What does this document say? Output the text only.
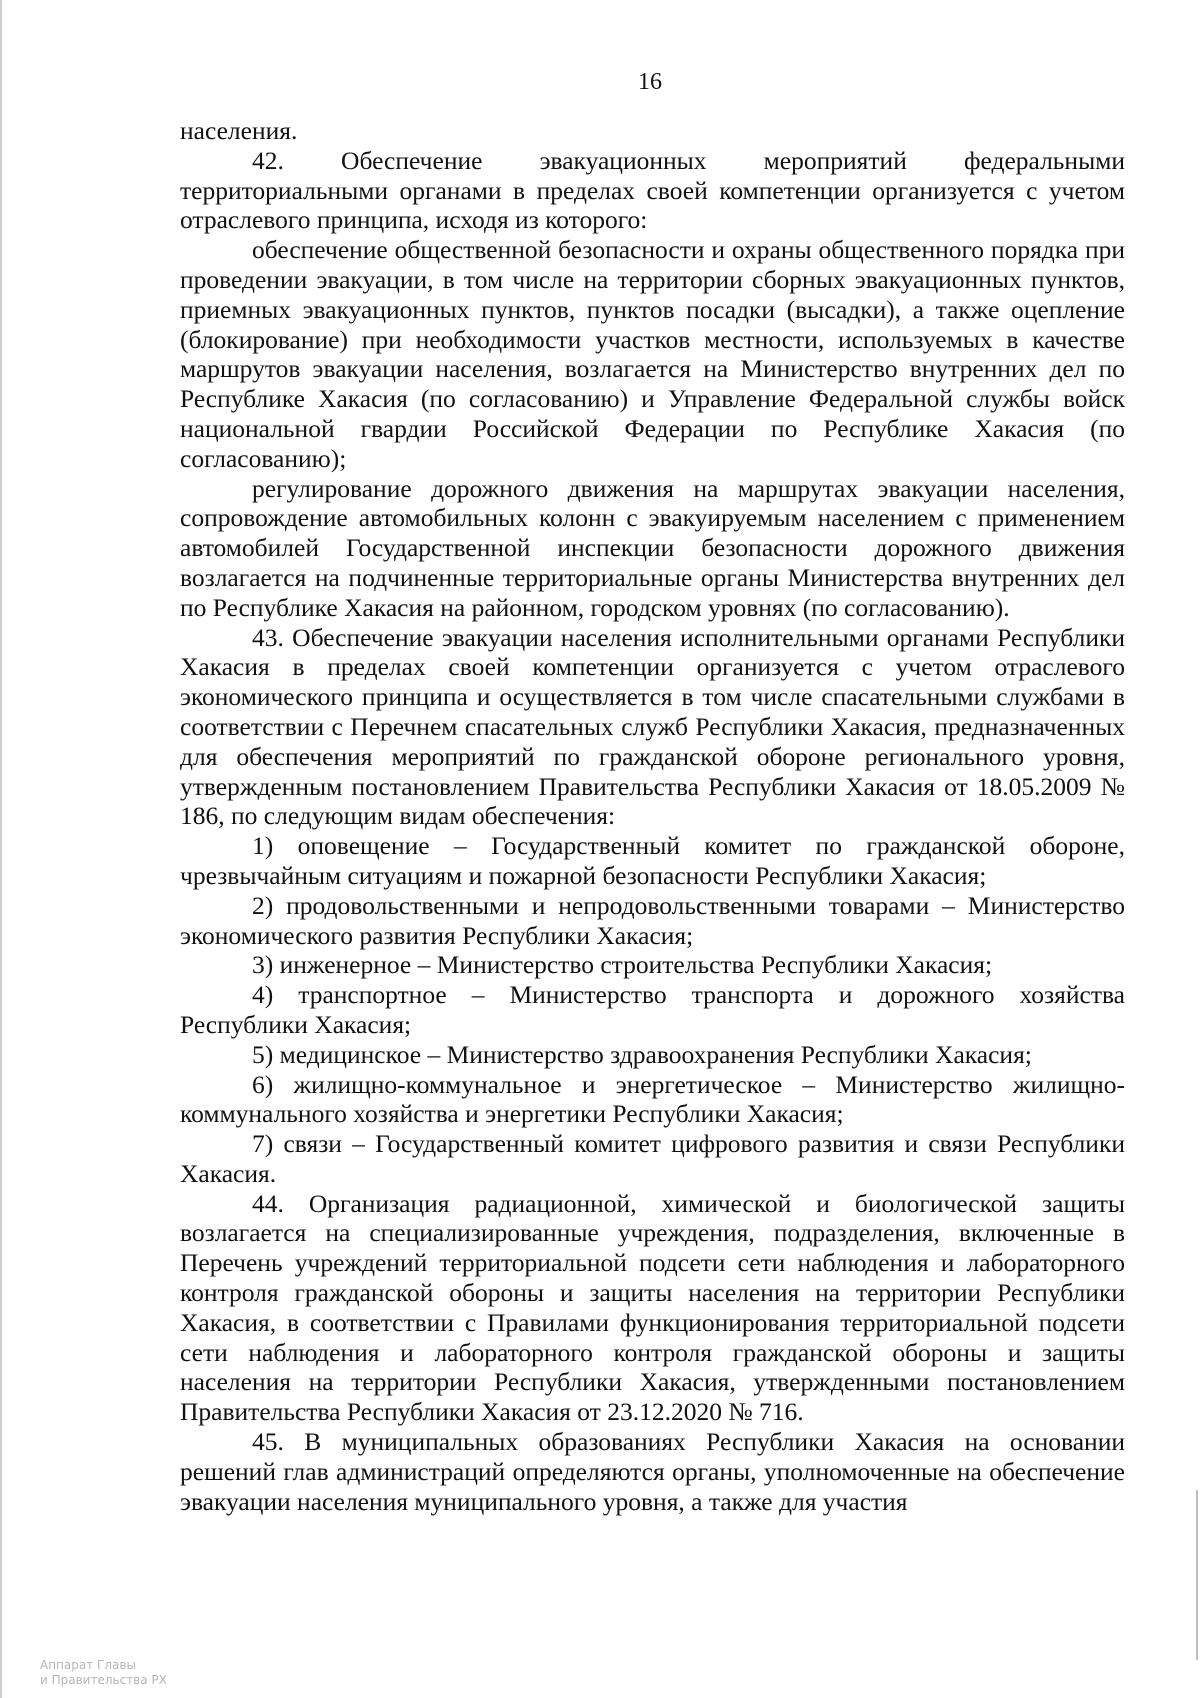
16

населения.

42. Обеспечение эвакуационных мероприятий федеральными территориальными органами в пределах своей компетенции организуется с учетом отраслевого принципа, исходя из которого:

обеспечение общественной безопасности и охраны общественного порядка при проведении эвакуации, в том числе на территории сборных эвакуационных пунктов, приемных эвакуационных пунктов, пунктов посадки (высадки), а также оцепление (блокирование) при необходимости участков местности, используемых в качестве маршрутов эвакуации населения, возлагается на Министерство внутренних дел по Республике Хакасия (по согласованию) и Управление Федеральной службы войск национальной гвардии Российской Федерации по Республике Хакасия (по согласованию);

регулирование дорожного движения на маршрутах эвакуации населения, сопровождение автомобильных колонн с эвакуируемым населением с применением автомобилей Государственной инспекции безопасности дорожного движения возлагается на подчиненные территориальные органы Министерства внутренних дел по Республике Хакасия на районном, городском уровнях (по согласованию).

43. Обеспечение эвакуации населения исполнительными органами Республики Хакасия в пределах своей компетенции организуется с учетом отраслевого экономического принципа и осуществляется в том числе спасательными службами в соответствии с Перечнем спасательных служб Республики Хакасия, предназначенных для обеспечения мероприятий по гражданской обороне регионального уровня, утвержденным постановлением Правительства Республики Хакасия от 18.05.2009 № 186, по следующим видам обеспечения:

1) оповещение – Государственный комитет по гражданской обороне, чрезвычайным ситуациям и пожарной безопасности Республики Хакасия;

2) продовольственными и непродовольственными товарами – Министерство экономического развития Республики Хакасия;

3) инженерное – Министерство строительства Республики Хакасия;

4) транспортное – Министерство транспорта и дорожного хозяйства Республики Хакасия;

5) медицинское – Министерство здравоохранения Республики Хакасия;

6) жилищно-коммунальное и энергетическое – Министерство жилищно-коммунального хозяйства и энергетики Республики Хакасия;

7) связи – Государственный комитет цифрового развития и связи Республики Хакасия.

44. Организация радиационной, химической и биологической защиты возлагается на специализированные учреждения, подразделения, включенные в Перечень учреждений территориальной подсети сети наблюдения и лабораторного контроля гражданской обороны и защиты населения на территории Республики Хакасия, в соответствии с Правилами функционирования территориальной подсети сети наблюдения и лабораторного контроля гражданской обороны и защиты населения на территории Республики Хакасия, утвержденными постановлением Правительства Республики Хакасия от 23.12.2020 № 716.

45. В муниципальных образованиях Республики Хакасия на основании решений глав администраций определяются органы, уполномоченные на обеспечение эвакуации населения муниципального уровня, а также для участия

Аппарат Главы
и Правительства РХ
